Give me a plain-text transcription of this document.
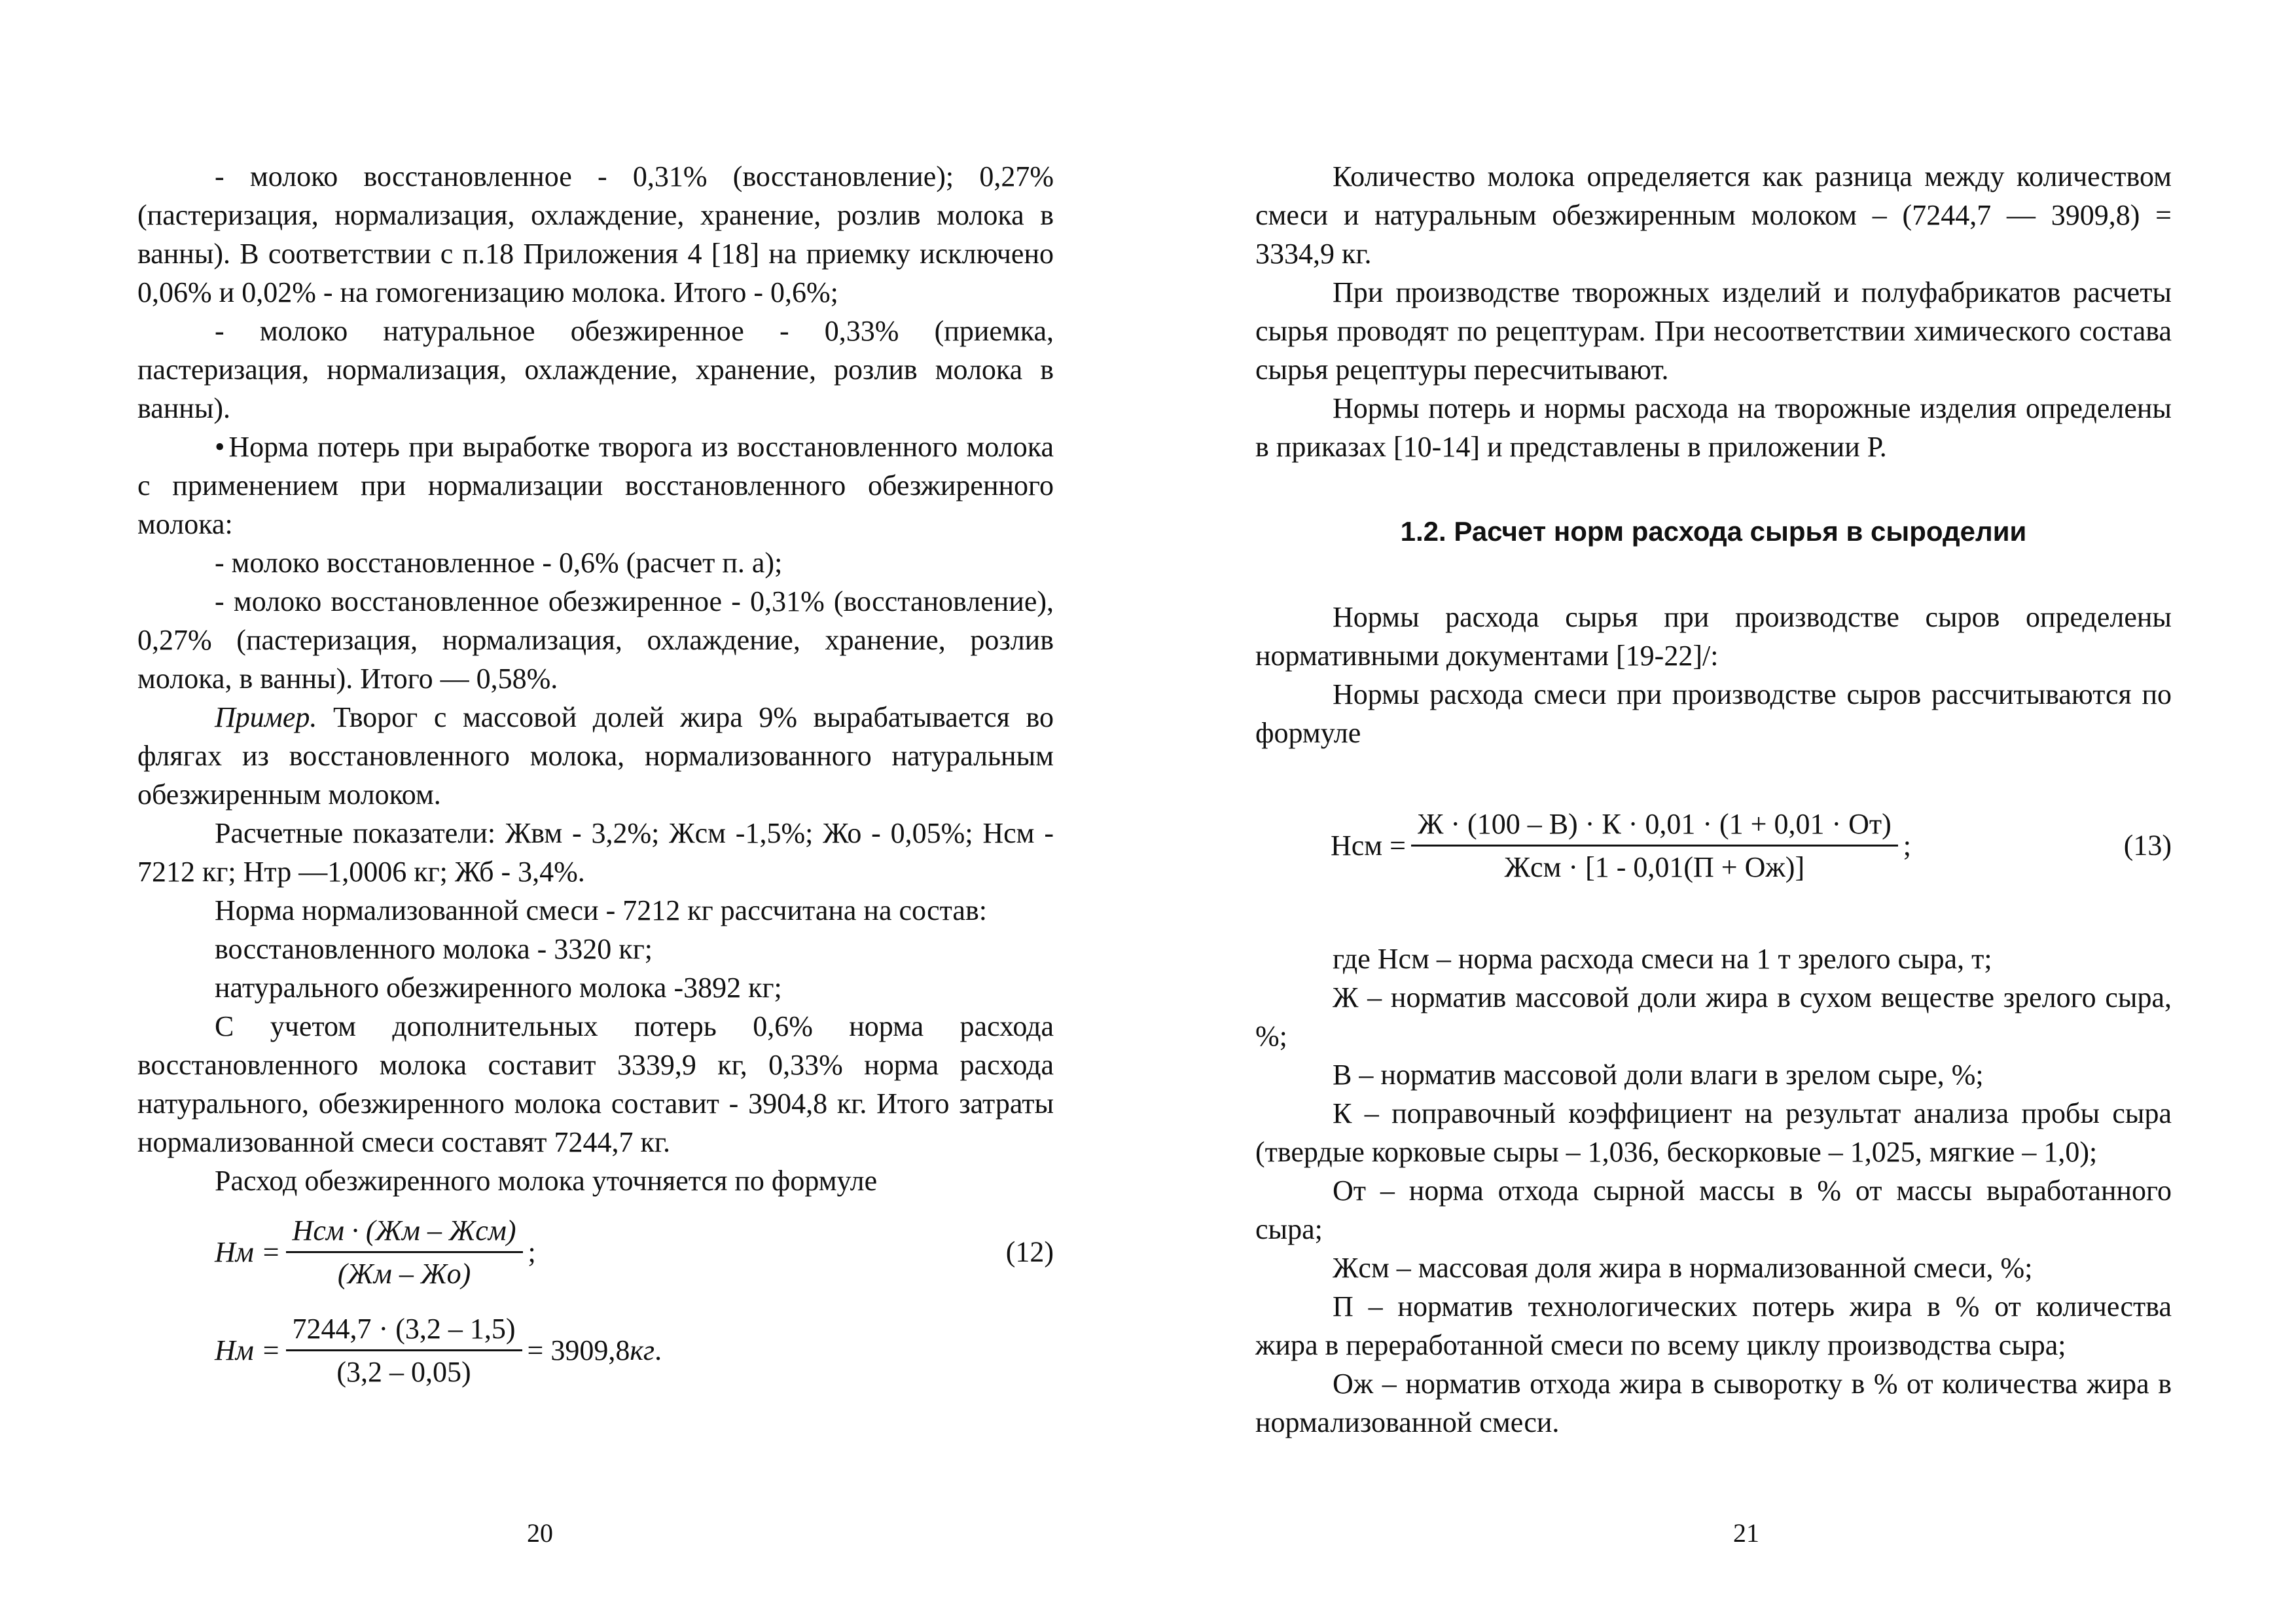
- молоко восстановленное - 0,31% (восстановление); 0,27% (пастеризация, нормализация, охлаждение, хранение, розлив молока в ванны). В соответствии с п.18 Приложения 4 [18] на приемку исключено 0,06% и 0,02% - на гомогенизацию молока. Итого - 0,6%;

- молоко натуральное обезжиренное - 0,33% (приемка, пастеризация, нормализация, охлаждение, хранение, розлив молока в ванны).

• Норма потерь при выработке творога из восстановленного молока с применением при нормализации восстановленного обезжиренного молока:

- молоко восстановленное - 0,6% (расчет п. а);

- молоко восстановленное обезжиренное - 0,31% (восстановление), 0,27% (пастеризация, нормализация, охлаждение, хранение, розлив молока, в ванны). Итого — 0,58%.

Пример. Творог с массовой долей жира 9% вырабатывается во флягах из восстановленного молока, нормализованного натуральным обезжиренным молоком.

Расчетные показатели: Жвм - 3,2%; Жсм -1,5%; Жо - 0,05%; Нсм - 7212 кг; Нтр —1,0006 кг; Жб - 3,4%.

Норма нормализованной смеси - 7212 кг рассчитана на состав:

восстановленного молока - 3320 кг;

натурального обезжиренного молока -3892 кг;

С учетом дополнительных потерь 0,6% норма расхода восстановленного молока составит 3339,9 кг, 0,33% норма расхода натурального, обезжиренного молока составит - 3904,8 кг. Итого затраты нормализованной смеси составят 7244,7 кг.

Расход обезжиренного молока уточняется по формуле

Нм = $\frac{\text{Нсм · (Жм – Жсм)}}{(Жм - Жо)}$ ;	(12)
Нм = $\frac{7244,7 \cdot (3,2 - 1,5)}{(3,2 - 0,05)} = 3909,8$ кг .
20

Количество молока определяется как разница между количеством смеси и натуральным обезжиренным молоком – (7244,7 — 3909,8) = 3334,9 кг.

При производстве творожных изделий и полуфабрикатов расчеты сырья проводят по рецептурам. При несоответствии химического состава сырья рецептуры пересчитывают.

Нормы потерь и нормы расхода на творожные изделия определены в приказах [10-14] и представлены в приложении Р.

1.2. Расчет норм расхода сырья в сыроделии

Нормы расхода сырья при производстве сыров определены нормативными документами [19-22]/:

Нормы расхода смеси при производстве сыров рассчитываются по формуле

Нсм = $\frac{Ж \cdot (100 - В) \cdot К \cdot 0,01 \cdot (1 + 0,01 \cdot От)}{\text{Жсм · [1 - 0,01(П + Ож)]}}$ ;	(13)

где Нсм – норма расхода смеси на 1 т зрелого сыра, т;

Ж – норматив массовой доли жира в сухом веществе зрелого сыра, %;

В – норматив массовой доли влаги в зрелом сыре, %;

К – поправочный коэффициент на результат анализа пробы сыра (твердые корковые сыры – 1,036, бескорковые – 1,025, мягкие – 1,0);

От – норма отхода сырной массы в % от массы выработанного сыра;

Жсм – массовая доля жира в нормализованной смеси, %;

П – норматив технологических потерь жира в % от количества жира в переработанной смеси по всему циклу производства сыра;

Ож – норматив отхода жира в сыворотку в % от количества жира в нормализованной смеси.

21
